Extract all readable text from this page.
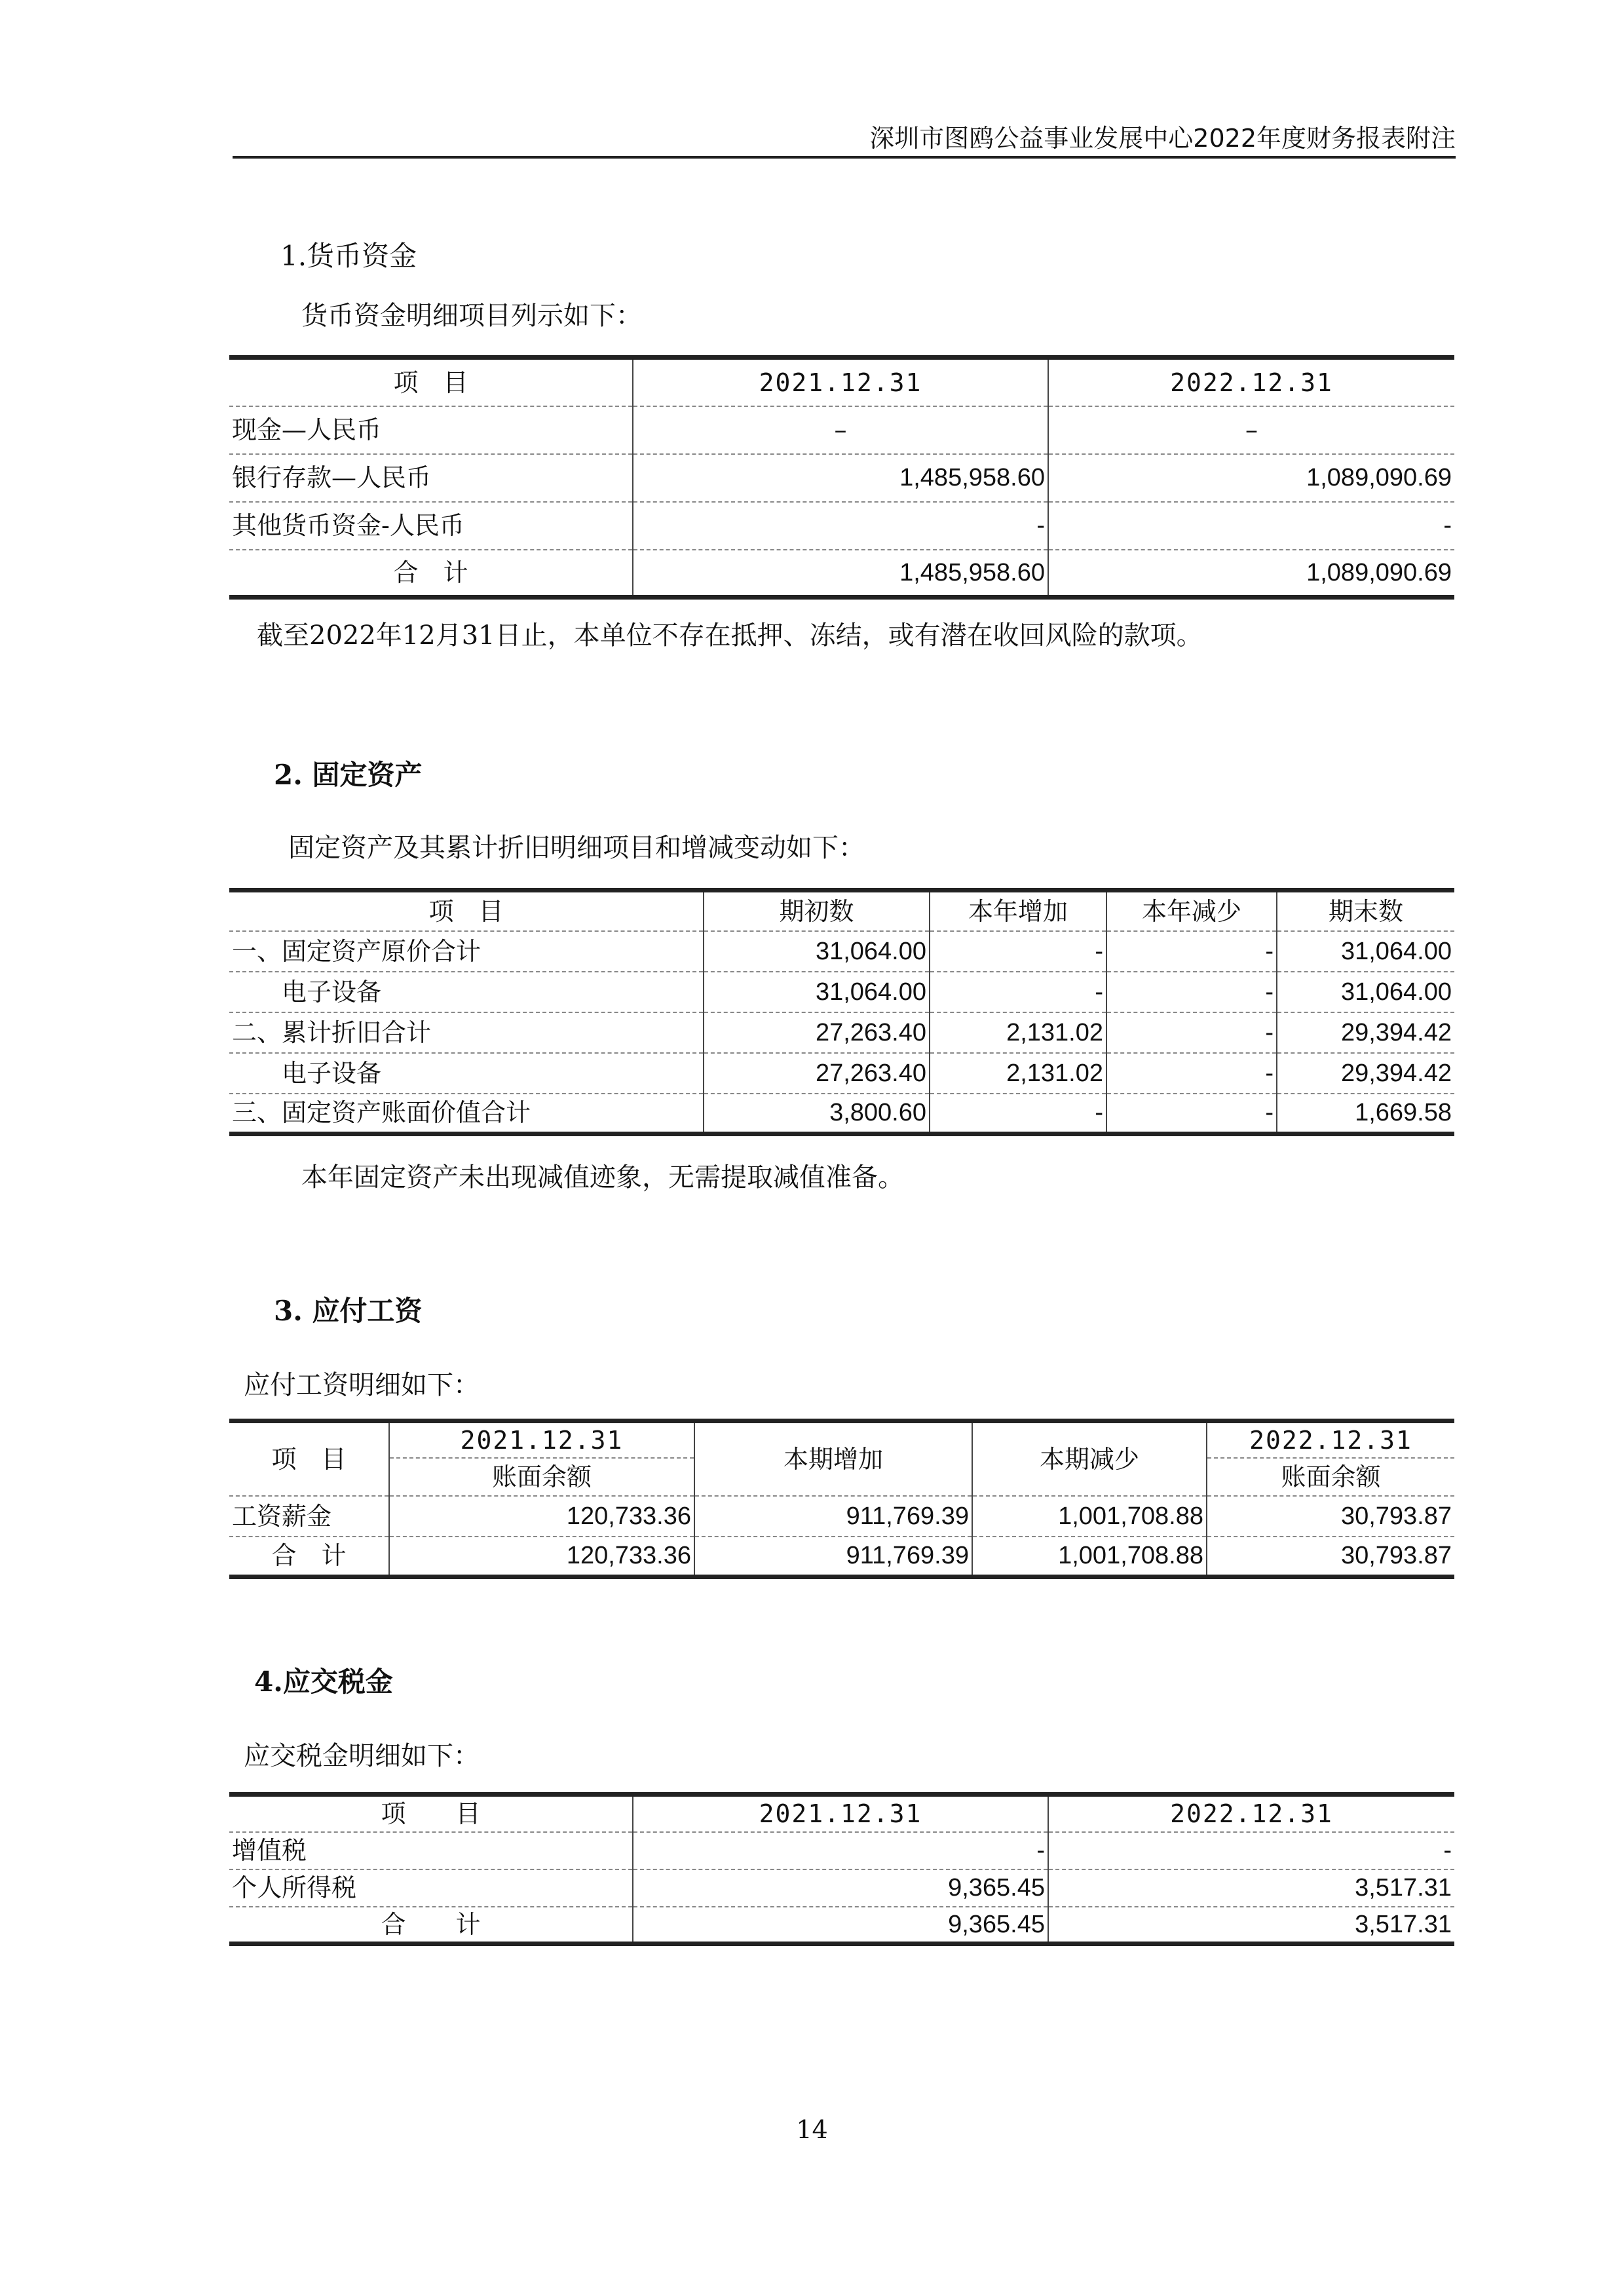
深圳市图鸥公益事业发展中心2022年度财务报表附注
1.货币资金
货币资金明细项目列示如下：
项　目	2021.12.31	2022.12.31
现金—人民币	–	–
银行存款—人民币	1,485,958.60	1,089,090.69
其他货币资金-人民币	-	-
合　计	1,485,958.60	1,089,090.69
截至2022年12月31日止，本单位不存在抵押、冻结，或有潜在收回风险的款项。
2. 固定资产
固定资产及其累计折旧明细项目和增减变动如下：
项　目	期初数	本年增加	本年减少	期末数
一、固定资产原价合计	31,064.00	-	-	31,064.00
电子设备	31,064.00	-	-	31,064.00
二、累计折旧合计	27,263.40	2,131.02	-	29,394.42
电子设备	27,263.40	2,131.02	-	29,394.42
三、固定资产账面价值合计	3,800.60	-	-	1,669.58
本年固定资产未出现减值迹象，无需提取减值准备。
3. 应付工资
应付工资明细如下：
项　目	2021.12.31	本期增加	本期减少	2022.12.31
	账面余额			账面余额
工资薪金	120,733.36	911,769.39	1,001,708.88	30,793.87
合　计	120,733.36	911,769.39	1,001,708.88	30,793.87
4.应交税金
应交税金明细如下：
项　　目	2021.12.31	2022.12.31
增值税	-	-
个人所得税	9,365.45	3,517.31
合　　计	9,365.45	3,517.31
14
